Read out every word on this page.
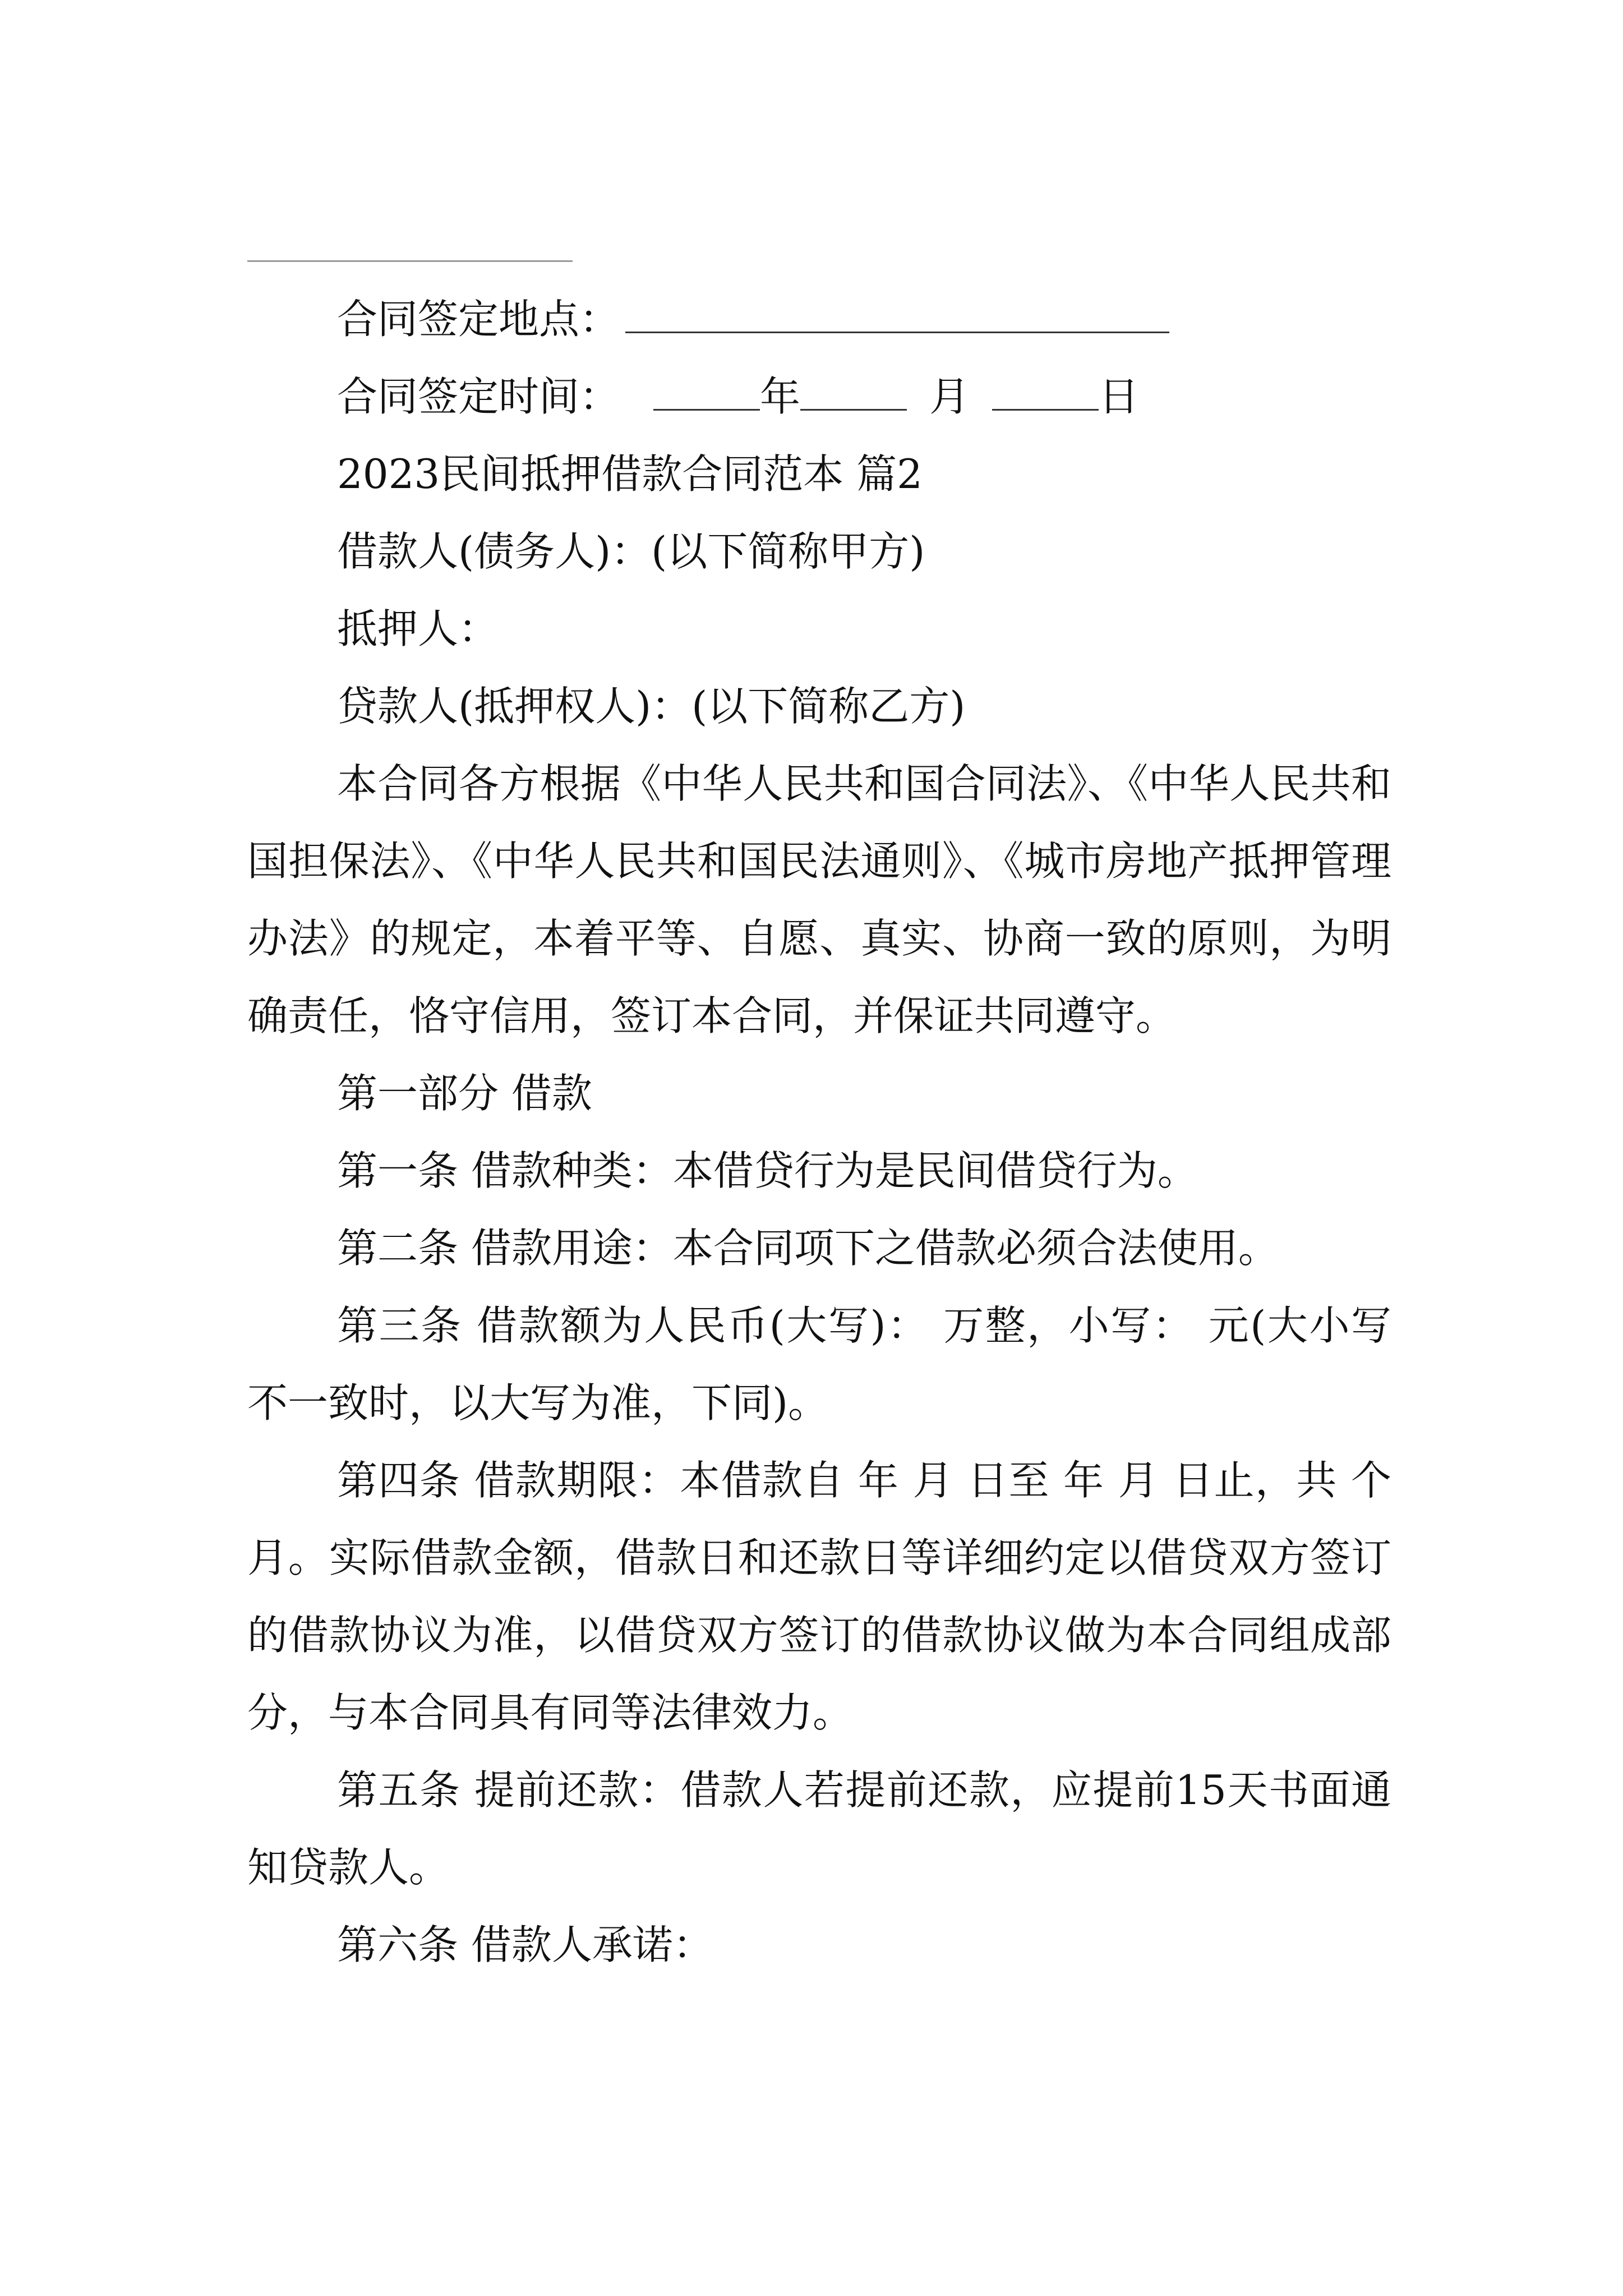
合同签定地点：

合同签定时间：	年	月	日

2023民间抵押借款合同范本 篇2

借款人(债务人)：(以下简称甲方)

抵押人：

贷款人(抵押权人)：(以下简称乙方)

本合同各方根据《中华人民共和国合同法》、《中华人民共和国担保法》、《中华人民共和国民法通则》、《城市房地产抵押管理办法》的规定，本着平等、自愿、真实、协商一致的原则，为明确责任，恪守信用，签订本合同，并保证共同遵守。

第一部分 借款

第一条 借款种类：本借贷行为是民间借贷行为。

第二条 借款用途：本合同项下之借款必须合法使用。

第三条 借款额为人民币(大写)： 万整，小写： 元(大小写不一致时，以大写为准，下同)。

第四条 借款期限：本借款自 年 月 日至 年 月 日止，共 个月。实际借款金额，借款日和还款日等详细约定以借贷双方签订的借款协议为准，以借贷双方签订的借款协议做为本合同组成部分，与本合同具有同等法律效力。

第五条 提前还款：借款人若提前还款，应提前15天书面通知贷款人。

第六条 借款人承诺：
